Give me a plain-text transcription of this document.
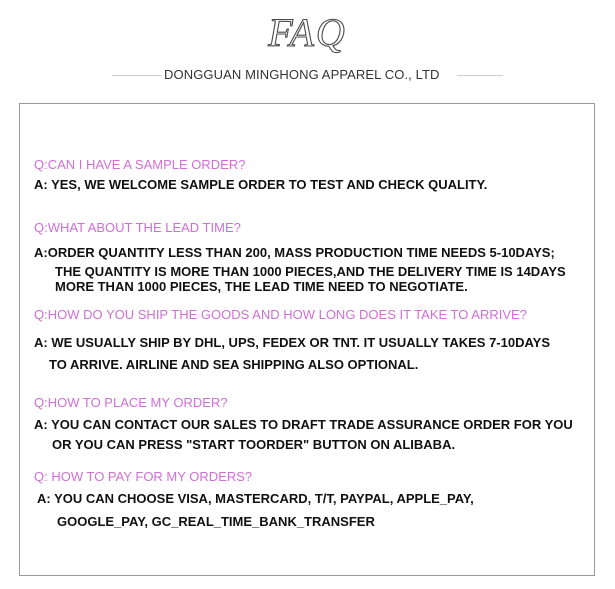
FAQ
DONGGUAN MINGHONG APPAREL CO., LTD
Q:CAN I HAVE A SAMPLE ORDER?
A: YES, WE WELCOME SAMPLE ORDER TO TEST AND CHECK QUALITY.
Q:WHAT ABOUT THE LEAD TIME?
A:ORDER QUANTITY LESS THAN 200, MASS PRODUCTION TIME NEEDS 5-10DAYS;
THE QUANTITY IS MORE THAN 1000 PIECES,AND THE DELIVERY TIME IS 14DAYS
MORE THAN 1000 PIECES, THE LEAD TIME NEED TO NEGOTIATE.
Q:HOW DO YOU SHIP THE GOODS AND HOW LONG DOES IT TAKE TO ARRIVE?
A: WE USUALLY SHIP BY DHL, UPS, FEDEX OR TNT. IT USUALLY TAKES 7-10DAYS
TO ARRIVE. AIRLINE AND SEA SHIPPING ALSO OPTIONAL.
Q:HOW TO PLACE MY ORDER?
A: YOU CAN CONTACT OUR SALES TO DRAFT TRADE ASSURANCE ORDER FOR YOU
OR YOU CAN PRESS "START TOORDER" BUTTON ON ALIBABA.
Q: HOW TO PAY FOR MY ORDERS?
A: YOU CAN CHOOSE VISA, MASTERCARD, T/T, PAYPAL, APPLE_PAY,
GOOGLE_PAY, GC_REAL_TIME_BANK_TRANSFER
